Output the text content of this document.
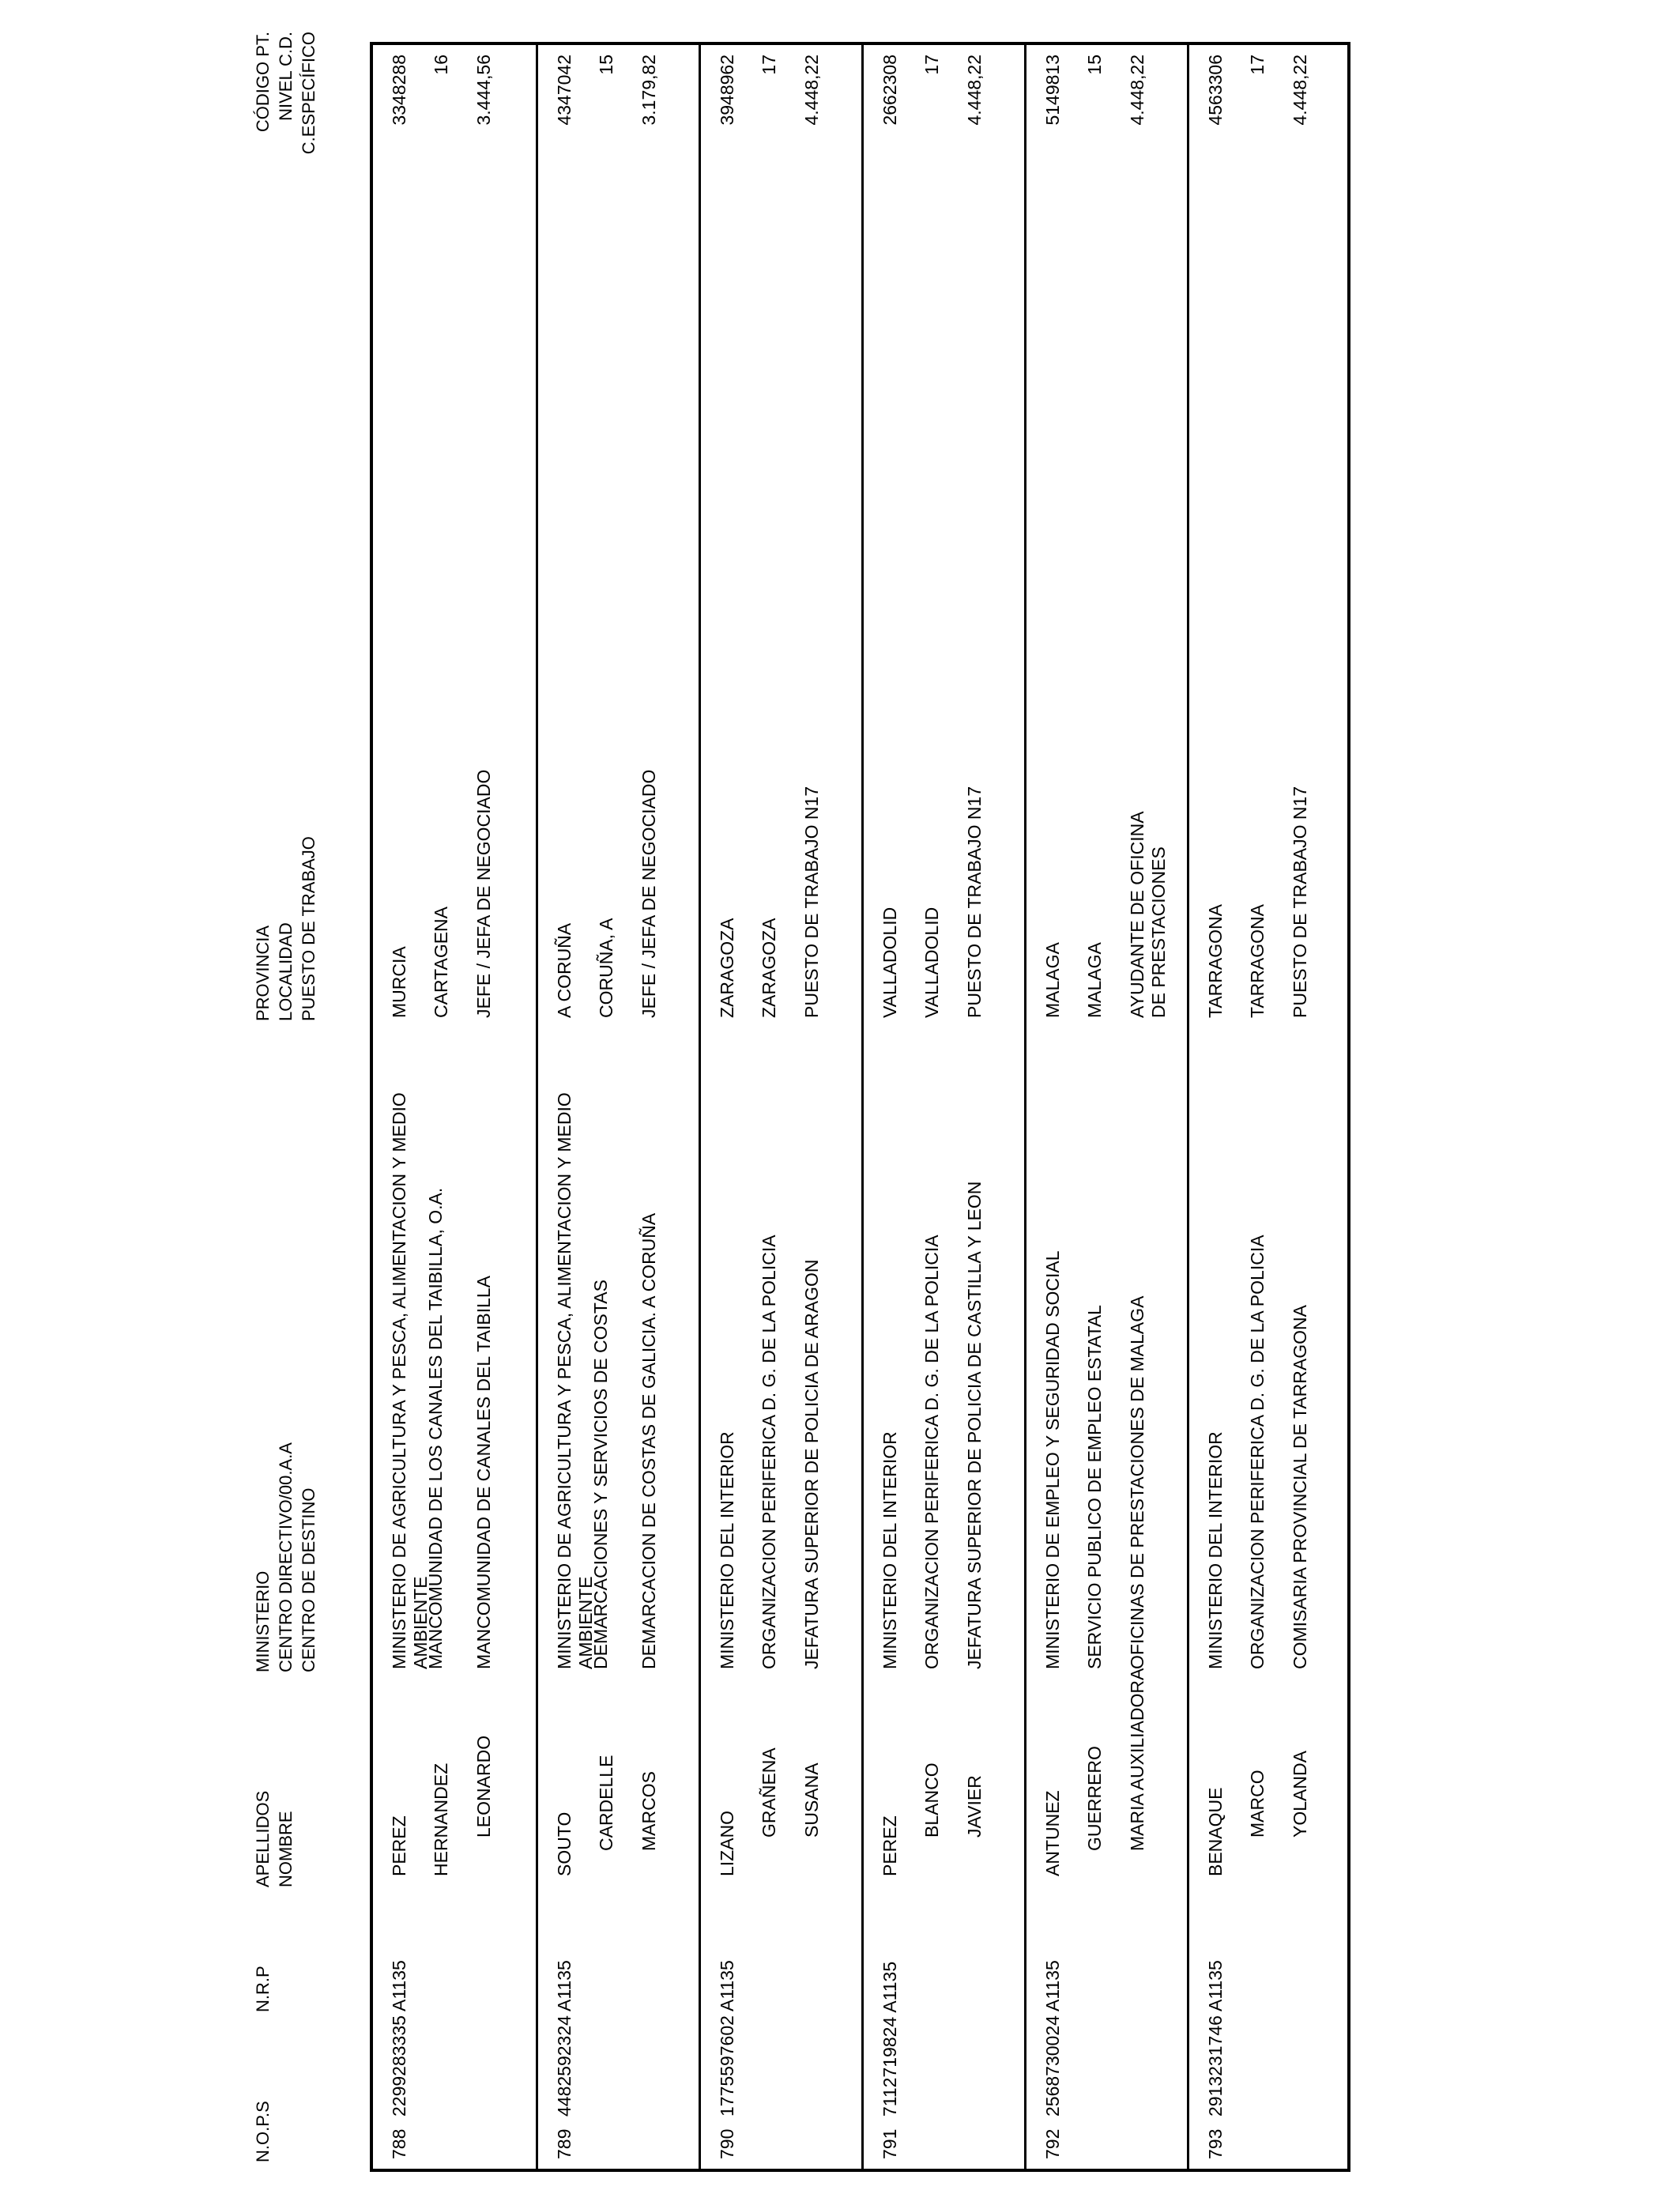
N.O.P.S
N.R.P
APELLIDOS NOMBRE
MINISTERIO CENTRO DIRECTIVO/00.A.A CENTRO DE DESTINO
PROVINCIA LOCALIDAD PUESTO DE TRABAJO
CÓDIGO PT. NIVEL C.D. C.ESPECÍFICO
788
2299283335 A1135
PEREZ HERNANDEZ LEONARDO
MINISTERIO DE AGRICULTURA Y PESCA, ALIMENTACION Y MEDIO AMBIENTE
MANCOMUNIDAD DE LOS CANALES DEL TAIBILLA, O.A. MANCOMUNIDAD DE CANALES DEL TAIBILLA
MURCIA CARTAGENA JEFE / JEFA DE NEGOCIADO
3348288 16 3.444,56
789
4482592324 A1135
SOUTO CARDELLE MARCOS
MINISTERIO DE AGRICULTURA Y PESCA, ALIMENTACION Y MEDIO AMBIENTE
DEMARCACIONES Y SERVICIOS DE COSTAS DEMARCACION DE COSTAS DE GALICIA. A CORUÑA
A CORUÑA CORUÑA, A JEFE / JEFA DE NEGOCIADO
4347042 15 3.179,82
790
1775597602 A1135
LIZANO
GRAÑENA SUSANA
MINISTERIO DEL INTERIOR ORGANIZACION PERIFERICA D. G. DE LA POLICIA JEFATURA SUPERIOR DE POLICIA DE ARAGON
ZARAGOZA ZARAGOZA PUESTO DE TRABAJO N17
3948962 17 4.448,22
791
7112719824 A1135
PEREZ
BLANCO JAVIER
MINISTERIO DEL INTERIOR ORGANIZACION PERIFERICA D. G. DE LA POLICIA JEFATURA SUPERIOR DE POLICIA DE CASTILLA Y LEON
VALLADOLID VALLADOLID PUESTO DE TRABAJO N17
2662308 17 4.448,22
792
2568730024 A1135
ANTUNEZ GUERRERO MARIA AUXILIADORA
MINISTERIO DE EMPLEO Y SEGURIDAD SOCIAL SERVICIO PUBLICO DE EMPLEO ESTATAL OFICINAS DE PRESTACIONES DE MALAGA
MALAGA MALAGA AYUDANTE DE OFICINA DE PRESTACIONES
5149813 15 4.448,22
793
2913231746 A1135
BENAQUE MARCO YOLANDA
MINISTERIO DEL INTERIOR ORGANIZACION PERIFERICA D. G. DE LA POLICIA COMISARIA PROVINCIAL DE TARRAGONA
TARRAGONA TARRAGONA PUESTO DE TRABAJO N17
4563306 17 4.448,22
